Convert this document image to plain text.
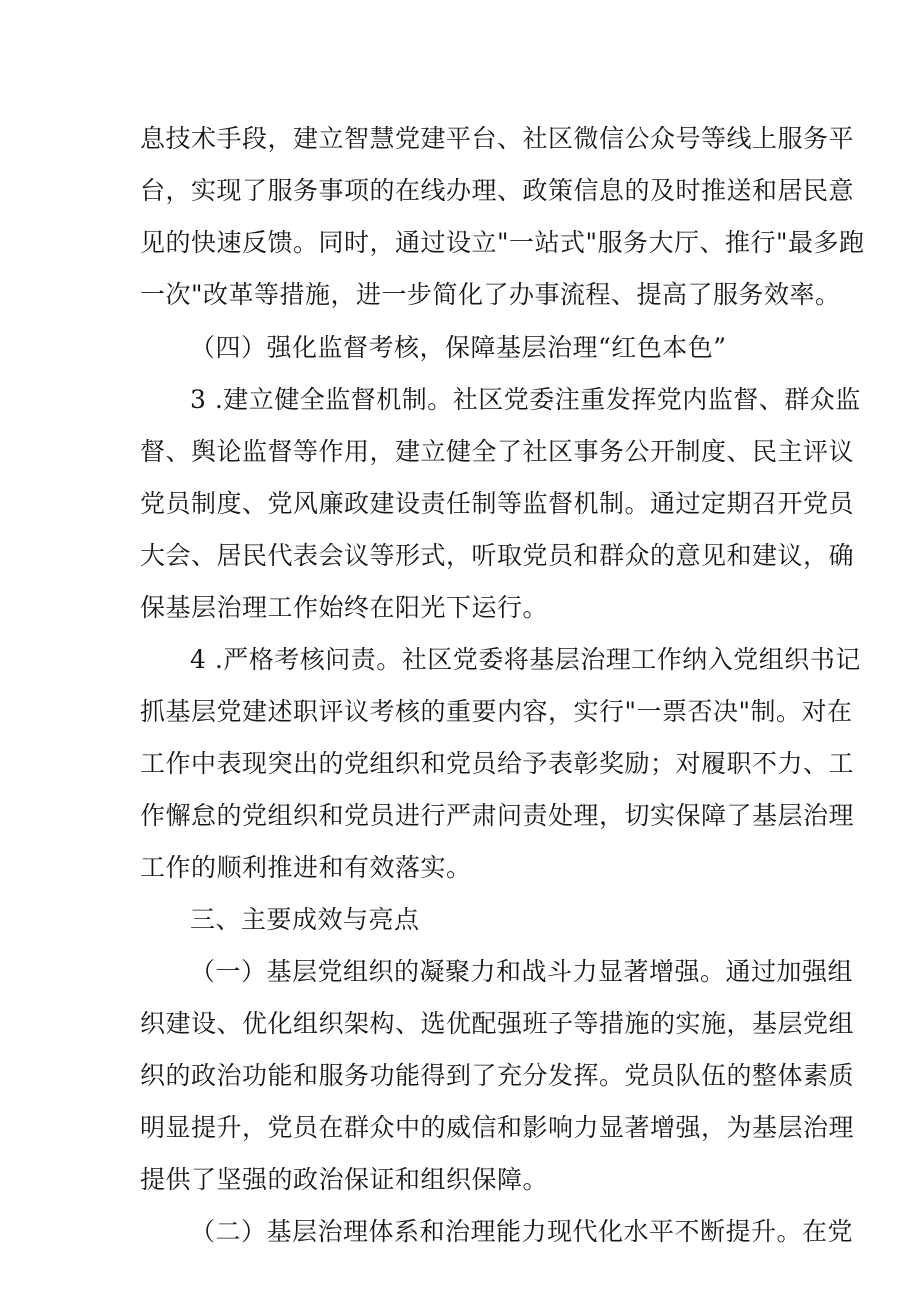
息技术手段，建立智慧党建平台、社区微信公众号等线上服务平
台，实现了服务事项的在线办理、政策信息的及时推送和居民意
见的快速反馈。同时，通过设立"一站式"服务大厅、推行"最多跑
一次"改革等措施，进一步简化了办事流程、提高了服务效率。
（四）强化监督考核，保障基层治理“红色本色”
3 .建立健全监督机制。社区党委注重发挥党内监督、群众监
督、舆论监督等作用，建立健全了社区事务公开制度、民主评议
党员制度、党风廉政建设责任制等监督机制。通过定期召开党员
大会、居民代表会议等形式，听取党员和群众的意见和建议，确
保基层治理工作始终在阳光下运行。
4 .严格考核问责。社区党委将基层治理工作纳入党组织书记
抓基层党建述职评议考核的重要内容，实行"一票否决"制。对在
工作中表现突出的党组织和党员给予表彰奖励；对履职不力、工
作懈怠的党组织和党员进行严肃问责处理，切实保障了基层治理
工作的顺利推进和有效落实。
三、主要成效与亮点
（一）基层党组织的凝聚力和战斗力显著增强。通过加强组
织建设、优化组织架构、选优配强班子等措施的实施，基层党组
织的政治功能和服务功能得到了充分发挥。党员队伍的整体素质
明显提升，党员在群众中的威信和影响力显著增强，为基层治理
提供了坚强的政治保证和组织保障。
（二）基层治理体系和治理能力现代化水平不断提升。在党
